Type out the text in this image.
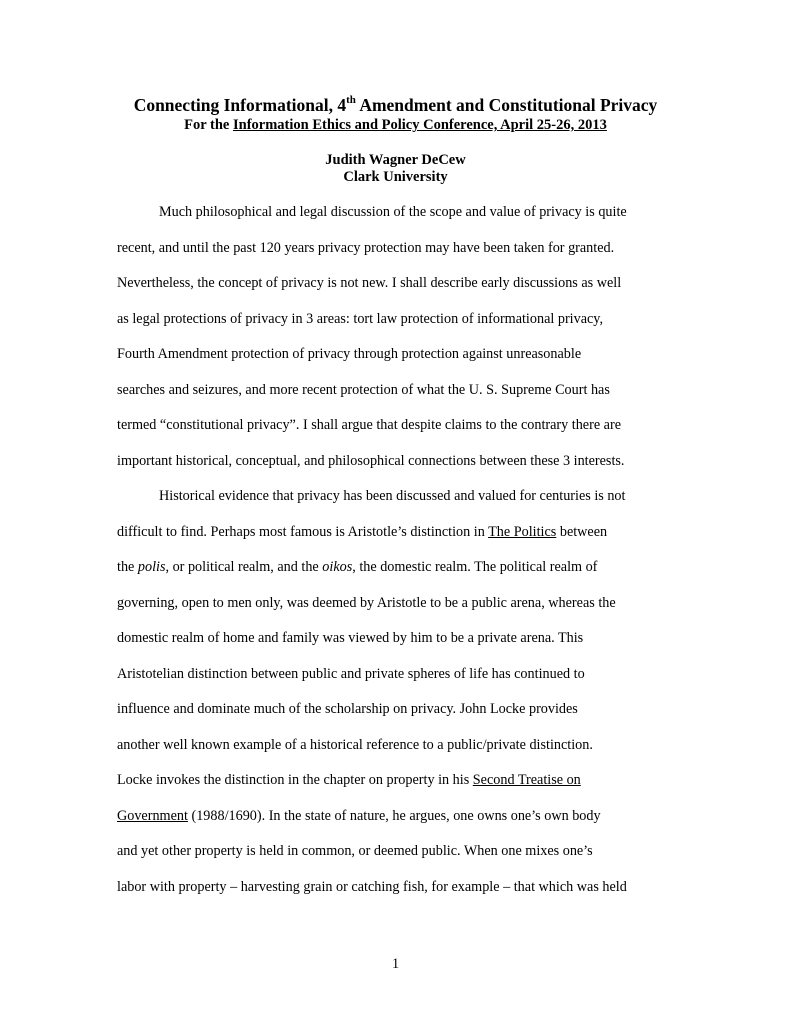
Connecting Informational, 4th Amendment and Constitutional Privacy
For the Information Ethics and Policy Conference, April 25-26, 2013
Judith Wagner DeCew
Clark University
Much philosophical and legal discussion of the scope and value of privacy is quite
recent, and until the past 120 years privacy protection may have been taken for granted.
Nevertheless, the concept of privacy is not new. I shall describe early discussions as well
as legal protections of privacy in 3 areas: tort law protection of informational privacy,
Fourth Amendment protection of privacy through protection against unreasonable
searches and seizures, and more recent protection of what the U. S. Supreme Court has
termed “constitutional privacy”. I shall argue that despite claims to the contrary there are
important historical, conceptual, and philosophical connections between these 3 interests.
Historical evidence that privacy has been discussed and valued for centuries is not
difficult to find. Perhaps most famous is Aristotle’s distinction in The Politics between
the polis, or political realm, and the oikos, the domestic realm. The political realm of
governing, open to men only, was deemed by Aristotle to be a public arena, whereas the
domestic realm of home and family was viewed by him to be a private arena. This
Aristotelian distinction between public and private spheres of life has continued to
influence and dominate much of the scholarship on privacy. John Locke provides
another well known example of a historical reference to a public/private distinction.
Locke invokes the distinction in the chapter on property in his Second Treatise on
Government (1988/1690). In the state of nature, he argues, one owns one’s own body
and yet other property is held in common, or deemed public. When one mixes one’s
labor with property – harvesting grain or catching fish, for example – that which was held
1
